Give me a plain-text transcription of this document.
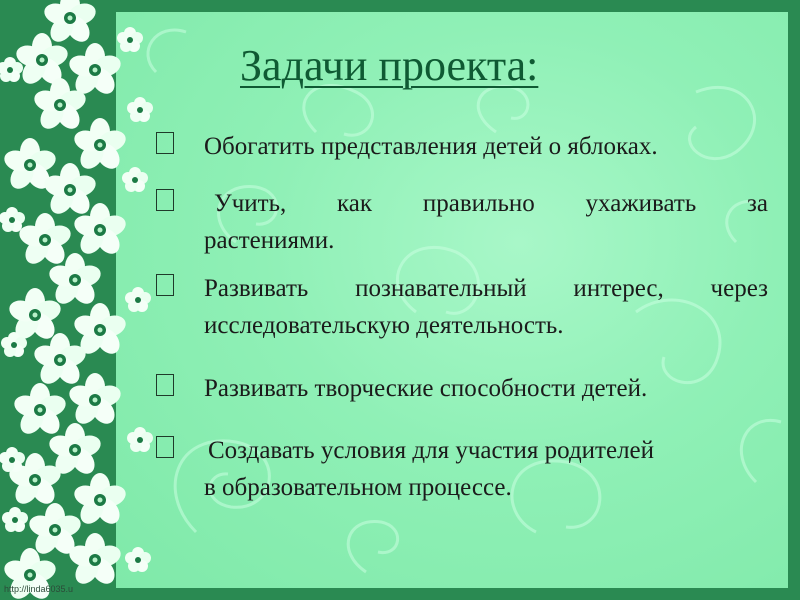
Задачи проекта:
Обогатить представления детей о яблоках.
Учить, как правильно ухаживать за
растениями.
Развивать познавательный интерес, через
исследовательскую деятельность.
Развивать творческие способности детей.
Создавать условия для участия родителей
в образовательном процессе.
http://linda6035.u
